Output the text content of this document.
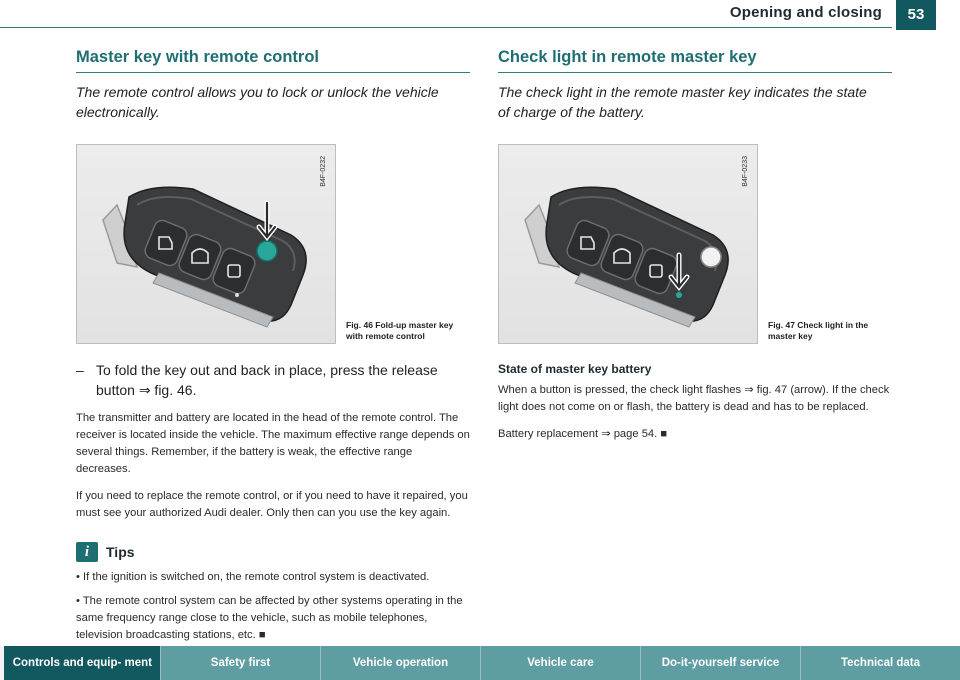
Opening and closing	53
Master key with remote control
The remote control allows you to lock or unlock the vehicle electronically.
B4F-0232
Fig. 46 Fold-up master key with remote control
– To fold the key out and back in place, press the release button ⇒ fig. 46.
The transmitter and battery are located in the head of the remote control. The receiver is located inside the vehicle. The maximum effective range depends on several things. Remember, if the battery is weak, the effective range decreases.
If you need to replace the remote control, or if you need to have it repaired, you must see your authorized Audi dealer. Only then can you use the key again.
i	Tips
• If the ignition is switched on, the remote control system is deactivated.
• The remote control system can be affected by other systems operating in the same frequency range close to the vehicle, such as mobile telephones, television broadcasting stations, etc. ■
Check light in remote master key
The check light in the remote master key indicates the state of charge of the battery.
B4F-0233
Fig. 47 Check light in the master key
State of master key battery
When a button is pressed, the check light flashes ⇒ fig. 47 (arrow). If the check light does not come on or flash, the battery is dead and has to be replaced.
Battery replacement ⇒ page 54. ■
Controls and equip- ment	Safety first	Vehicle operation	Vehicle care	Do-it-yourself service	Technical data
